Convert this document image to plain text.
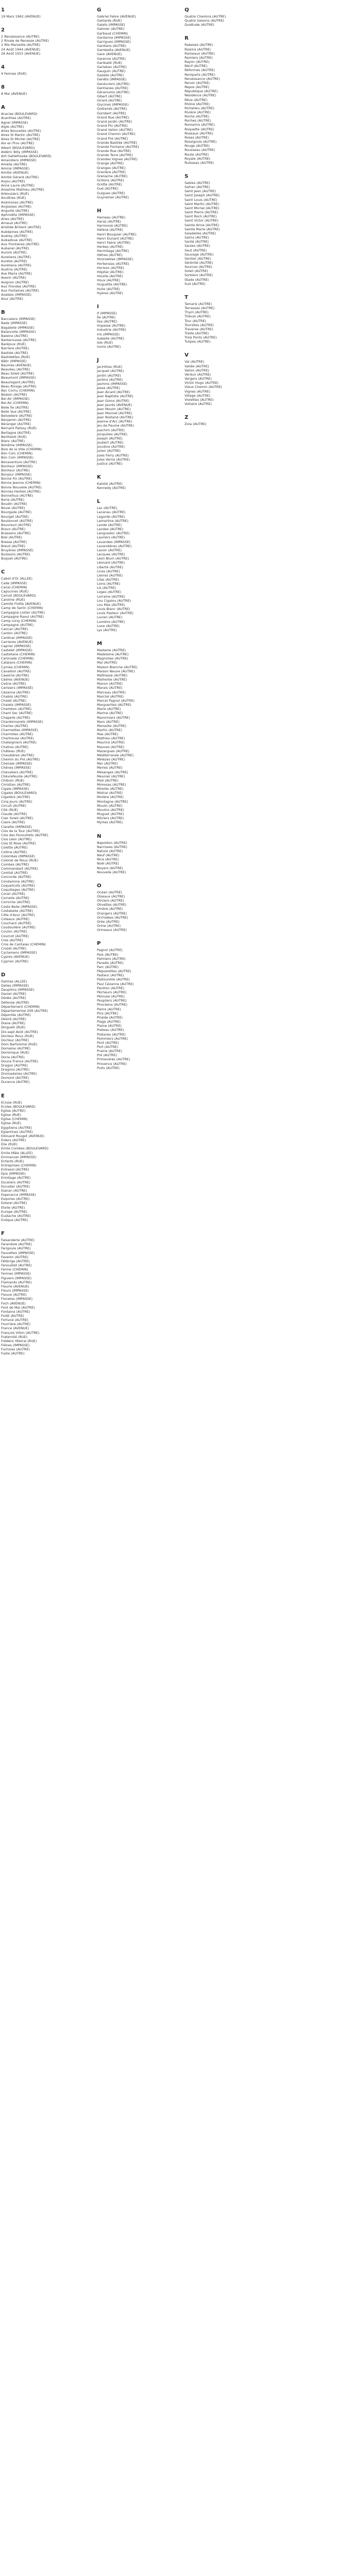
1
19 Mars 1962 (AVENUE)
2
2 Renaissance (AUTRE)
2 Rivale de Renesse (AUTRE)
2 Rte Marseille (AUTRE)
24 Août 1944 (AVENUE)
26 Août 1915 (AVENUE)
4
4 Fermes (RUE)
8
8 Mai (AVENUE)
A
Acacias (BOULEVARD)
Acanthes (AUTRE)
Agnel (IMPASSE)
Aigle (AUTRE)
Aires Nouvelles (AUTRE)
Aires St Martin (AUTRE)
Aires St Michel (AUTRE)
Aix en Prov (AUTRE)
Albert (BOULEVARD)
Aldéric Billy (IMPASSE)
Ant Gattefossée (BOULEVARD)
Amandiers (IMPASSE)
Amélie (AUTRE)
Amiral (IMPASSE)
Amitié (AVENUE)
Amitié Gérard (AUTRE)
Anjou (AUTRE)
Anne Laure (AUTRE)
Anselme Mathieu (AUTRE)
Arbousiers (RUE)
Ancêtres (RUE)
Anémones (AUTRE)
Anglaises (AUTRE)
Anguille (AUTRE)
Aphrodite (IMPASSE)
Arles (AUTRE)
Arnaud (AUTRE)
Aristide Brillant (AUTRE)
Aubépines (AUTRE)
Audrey (AUTRE)
Aubadoue (AUTRE)
Aux Frontieres (AUTRE)
Aubanel (AUTRE)
Aurore (AUTRE)
Aureliens (AUTRE)
Aurélie (AUTRE)
Aureliana (AUTRE)
Austria (AUTRE)
Ave Maria (AUTRE)
Avenir (AUTRE)
Avignon (AUTRE)
Aux Frondes (AUTRE)
Aux Fontaines (AUTRE)
Azalées (IMPASSE)
Azur (AUTRE)
B
Baccalans (IMPASSE)
Bade (IMPASSE)
Bagatelle (IMPASSE)
Balancelle (IMPASSE)
Baleine (AUTRE)
Barberousse (AUTRE)
Baréjoux (RUE)
Barriere (AUTRE)
Bastide (AUTRE)
Bastidettes (RUE)
Bâtir (IMPASSE)
Baumes (AVENUE)
Beaulieu (AUTRE)
Beau Soleil (AUTRE)
Beaumont (IMPASSE)
Beauregard (AUTRE)
Beau Rivage (AUTRE)
Bec Cornu (CHEMIN)
Bedoin (AUTRE)
Bel Air (IMPASSE)
Bel Air (CHEMIN)
Belle Île (AUTRE)
Belle Vue (AUTRE)
Belvedere (AUTRE)
Benjamin (AUTRE)
Béranger (AUTRE)
Bernard Palissy (RUE)
Bertagne (AUTRE)
Berthelot (RUE)
Blanc (AUTRE)
Bohême (IMPASSE)
Bois de la Ville (CHEMIN)
Bon Coin (CHEMIN)
Bon Coin (IMPASSE)
Bonaventure (AUTRE)
Bonheur (IMPASSE)
Bonheur (AUTRE)
Bonjour (IMPASSE)
Bonne Fin (AUTRE)
Bonne Jeanne (CHEMIN)
Bonne Nouvelle (AUTRE)
Bonnes Herbes (AUTRE)
Bonnefous (AUTRE)
Borie (AUTRE)
Boudin (AUTRE)
Boule (AUTRE)
Bourgade (AUTRE)
Bourget (AUTRE)
Boutonnet (AUTRE)
Bouvreuil (AUTRE)
Bravo (AUTRE)
Brassens (AUTRE)
Brel (AUTRE)
Bresse (AUTRE)
Breuil (AUTRE)
Bruyères (IMPASSE)
Buissons (AUTRE)
Buquet (AUTRE)
C
Cabot d'Or (ALLEE)
Cade (IMPASSE)
Canal (CHEMIN)
Capucines (RUE)
Carnot (BOULEVARD)
Caroline (RUE)
Camille Flotte (AVENUE)
Camp de Sarlin (CHEMIN)
Campagne Liotier (AUTRE)
Campagne Raoul (AUTRE)
Camp Long (CHEMIN)
Campagne (AUTRE)
Cancan (AUTRE)
Canton (AUTRE)
Cardinal (IMPASSE)
Carrieres (AVENUE)
Caprier (IMPASSE)
Castelet (IMPASSE)
Castellane (CHEMIN)
Caronade (CHEMIN)
Catalans (CHEMIN)
Cyrnéa (CHEMIN)
Cavaillon (AUTRE)
Caserne (AUTRE)
Cèdres (AVENUE)
Celine (AUTRE)
Cerisiers (IMPASSE)
Cézanne (AUTRE)
Chablis (AUTRE)
Chalet (AUTRE)
Chalets (IMPASSE)
Chambon (AUTRE)
Chant Sec (AUTRE)
Chapelle (AUTRE)
Chardonnerets (IMPASSE)
Charles (AUTRE)
Charmettes (IMPASSE)
Charmilles (AUTRE)
Chartreuse (AUTRE)
Chataigniers (AUTRE)
Chatres (AUTRE)
Château (RUE)
Chaudières (AUTRE)
Chemin du Pré (AUTRE)
Chenaie (IMPASSE)
Chênes (IMPASSE)
Chevaliers (AUTRE)
Chèvrefeuille (AUTRE)
Chibron (RUE)
Christian (AUTRE)
Cigale (IMPASSE)
Cigales (BOULEVARD)
Cigalière (AUTRE)
Cinq Jours (AUTRE)
Circuit (AUTRE)
Cité (RUE)
Claude (AUTRE)
Clair Soleil (AUTRE)
Claire (AUTRE)
Clarette (IMPASSE)
Clos de la Tour (AUTRE)
Clos des Fenouillets (AUTRE)
Clos Léon (AUTRE)
Clos St Rose (AUTRE)
Colette (AUTRE)
Colline (AUTRE)
Colombes (IMPASSE)
Colonel de Roux (RUE)
Combes (AUTRE)
Commandant (AUTRE)
Comtat (AUTRE)
Concorde (AUTRE)
Condamine (AUTRE)
Coquelicots (AUTRE)
Coquillages (AUTRE)
Corail (AUTRE)
Cornelle (AUTRE)
Corniche (AUTRE)
Coste Belle (IMPASSE)
Costebelle (AUTRE)
Côte d'Azur (AUTRE)
Coteaux (AUTRE)
Couchant (AUTRE)
Coudoulière (AUTRE)
Coulon (AUTRE)
Cournot (AUTRE)
Cres (AUTRE)
Cros de Cantalas (CHEMIN)
Crozet (AUTRE)
Cyclamens (IMPASSE)
Cypres (AVENUE)
Cyprien (AUTRE)
D
Dahlias (ALLEE)
Dalles (IMPASSE)
Dauphins (IMPASSE)
Daniel (AUTRE)
Dédés (AUTRE)
Défense (AUTRE)
Département (CHEMIN)
Départemental 206 (AUTRE)
Déportés (AUTRE)
Désiré (AUTRE)
Diane (AUTRE)
Dingueti (RUE)
Dix-sept Août (AUTRE)
Docteur Roux (RUE)
Docteur (AUTRE)
Dom Bartolomé (RUE)
Domaine (AUTRE)
Dominique (RUE)
Doria (AUTRE)
Douce France (AUTRE)
Dragon (AUTRE)
Dragons (AUTRE)
Dromadaires (AUTRE)
Dumont (AUTRE)
Durance (AUTRE)
E
Ecluse (RUE)
Ecoles (BOULEVARD)
Eglise (AUTRE)
Eglise (RUE)
Eglise (CHEMIN)
Eglise (RUE)
Egyptiens (AUTRE)
Eglantines (AUTRE)
Edouard Rouget (AVENUE)
Eiders (AUTRE)
Elie (RUE)
Emile Combes (BOULEVARD)
Emile Mâle (ALLEE)
Emmanuel (IMPASSE)
Enfants (RUE)
Entreprises (CHEMIN)
Entresol (AUTRE)
Epis (IMPASSE)
Ermitage (AUTRE)
Escaliers (AUTRE)
Escudier (AUTRE)
Eseran (AUTRE)
Esperance (IMPASSE)
Esquires (AUTRE)
Esterel (AUTRE)
Etoile (AUTRE)
Europe (AUTRE)
Eustache (AUTRE)
Evêque (AUTRE)
F
Faisanderie (AUTRE)
Farandole (AUTRE)
Farigoule (AUTRE)
Fauvettes (IMPASSE)
Favelon (AUTRE)
Félibrige (AUTRE)
Fenouillet (AUTRE)
Ferme (CHEMIN)
Fermes (IMPASSE)
Figuiers (IMPASSE)
Flamands (AUTRE)
Fleurie (AVENUE)
Fleurs (IMPASSE)
Fleuve (AUTRE)
Floralies (IMPASSE)
Foch (AVENUE)
Font de Mai (AUTRE)
Fontaine (AUTRE)
Forêt (AUTRE)
Fortuné (AUTRE)
Fourrière (AUTRE)
France (AVENUE)
François Villon (AUTRE)
Fraternité (RUE)
Frédéric Mistral (RUE)
Frênes (IMPASSE)
Fuchsias (AUTRE)
Fuste (AUTRE)
G
Gabriel Fabre (AVENUE)
Gaillards (RUE)
Galets (IMPASSE)
Galinier (AUTRE)
Garbaud (CHEMIN)
Gardanne (IMPASSE)
Garrigues (IMPASSE)
Gardians (AUTRE)
Gambetta (AVENUE)
Gare (AVENUE)
Garenne (AUTRE)
Garibaldi (RUE)
Garlaban (AUTRE)
Gauguin (AUTRE)
Gazelle (AUTRE)
Genêts (IMPASSE)
Genévriers (AUTRE)
Gentianes (AUTRE)
Géraniums (AUTRE)
Gibert (AUTRE)
Girard (AUTRE)
Glycines (IMPASSE)
Goélands (AUTRE)
Gombert (AUTRE)
Grand Rue (AUTRE)
Grand Jardin (AUTRE)
Grand Pin (AUTRE)
Grand Vallon (AUTRE)
Grand Chemin (AUTRE)
Grand Pré (AUTRE)
Grande Bastide (AUTRE)
Grande Fontaine (AUTRE)
Grande Rue (AUTRE)
Grande Terre (AUTRE)
Grandes Vignes (AUTRE)
Grange (AUTRE)
Granges (AUTRE)
Gravière (AUTRE)
Grenache (AUTRE)
Grillons (AUTRE)
Grotte (AUTRE)
Gué (AUTRE)
Guigues (AUTRE)
Guynemer (AUTRE)
H
Hameau (AUTRE)
Haras (AUTRE)
Harmonie (AUTRE)
Hélène (AUTRE)
Henri Bouquier (AUTRE)
Henri Dunant (AUTRE)
Henri Fabre (AUTRE)
Herbes (AUTRE)
Hermitage (AUTRE)
Hêtres (AUTRE)
Hirondelles (IMPASSE)
Hortensias (AUTRE)
Horizon (AUTRE)
Hôpital (AUTRE)
Houille (AUTRE)
Houx (AUTRE)
Huguette (AUTRE)
Huile (AUTRE)
Hyères (AUTRE)
I
If (IMPASSE)
Île (AUTRE)
Îles (AUTRE)
Impasse (AUTRE)
Industrie (AUTRE)
Iris (IMPASSE)
Isabelle (AUTRE)
Isle (RUE)
Ivoire (AUTRE)
J
Jacinthes (RUE)
Jacquet (AUTRE)
Jardin (AUTRE)
Jardins (AUTRE)
Jasmins (IMPASSE)
Jasse (AUTRE)
Jean Aicard (AUTRE)
Jean Baptiste (AUTRE)
Jean Giono (AUTRE)
Jean Jaurès (AVENUE)
Jean Moulin (AUTRE)
Jean Monnet (AUTRE)
Jean Rostand (AUTRE)
Jeanne d'Arc (AUTRE)
Jeu de Paume (AUTRE)
Joachim (AUTRE)
Jonquilles (AUTRE)
Joseph (AUTRE)
Joubert (AUTRE)
Jouvène (AUTRE)
Julien (AUTRE)
Jules Ferry (AUTRE)
Jules Verne (AUTRE)
Justice (AUTRE)
K
Kalisté (AUTRE)
Kennedy (AUTRE)
L
Lac (AUTRE)
Lacanau (AUTRE)
Lagarde (AUTRE)
Lamartine (AUTRE)
Lande (AUTRE)
Landes (AUTRE)
Languedoc (AUTRE)
Lauriers (AUTRE)
Lavandes (IMPASSE)
Lavandières (AUTRE)
Lavoir (AUTRE)
Lecques (AUTRE)
Léon Blum (AUTRE)
Léonard (AUTRE)
Liberté (AUTRE)
Lices (AUTRE)
Lierres (AUTRE)
Lilas (AUTRE)
Lions (AUTRE)
Lis (AUTRE)
Loges (AUTRE)
Lorraine (AUTRE)
Lou Cigalou (AUTRE)
Lou Mas (AUTRE)
Louis Blanc (AUTRE)
Louis Pasteur (AUTRE)
Lucien (AUTRE)
Lumière (AUTRE)
Lune (AUTRE)
Lys (AUTRE)
M
Madame (AUTRE)
Madeleine (AUTRE)
Magnolias (AUTRE)
Mai (AUTRE)
Maison Blanche (AUTRE)
Maison Neuve (AUTRE)
Maîtresse (AUTRE)
Malherbe (AUTRE)
Manon (AUTRE)
Marais (AUTRE)
Marceau (AUTRE)
Marché (AUTRE)
Marcel Pagnol (AUTRE)
Marguerites (AUTRE)
Marie (AUTRE)
Marine (AUTRE)
Maronniers (AUTRE)
Mars (AUTRE)
Marseille (AUTRE)
Martin (AUTRE)
Mas (AUTRE)
Mathieu (AUTRE)
Maurice (AUTRE)
Mauves (AUTRE)
Mazargues (AUTRE)
Méditerranée (AUTRE)
Mélèzes (AUTRE)
Mer (AUTRE)
Merles (AUTRE)
Mésanges (AUTRE)
Meunier (AUTRE)
Midi (AUTRE)
Mimosas (AUTRE)
Mireille (AUTRE)
Mistral (AUTRE)
Molière (AUTRE)
Montagne (AUTRE)
Moulin (AUTRE)
Moulins (AUTRE)
Muguet (AUTRE)
Mûriers (AUTRE)
Myrtes (AUTRE)
N
Napoléon (AUTRE)
Narcisses (AUTRE)
Nature (AUTRE)
Neuf (AUTRE)
Nice (AUTRE)
Noël (AUTRE)
Noyers (AUTRE)
Nouvelle (AUTRE)
O
Océan (AUTRE)
Oiseaux (AUTRE)
Oliviers (AUTRE)
Olivettes (AUTRE)
Ombre (AUTRE)
Orangers (AUTRE)
Orchidées (AUTRE)
Orée (AUTRE)
Orme (AUTRE)
Ormeaux (AUTRE)
P
Pagnol (AUTRE)
Paix (AUTRE)
Palmiers (AUTRE)
Paradis (AUTRE)
Parc (AUTRE)
Pâquerettes (AUTRE)
Pasteur (AUTRE)
Pastourelle (AUTRE)
Paul Cézanne (AUTRE)
Pavillon (AUTRE)
Pêcheurs (AUTRE)
Pérouse (AUTRE)
Peupliers (AUTRE)
Phocéens (AUTRE)
Pierre (AUTRE)
Pins (AUTRE)
Pinède (AUTRE)
Plage (AUTRE)
Plaine (AUTRE)
Plateau (AUTRE)
Platanes (AUTRE)
Pommiers (AUTRE)
Pont (AUTRE)
Port (AUTRE)
Prairie (AUTRE)
Pré (AUTRE)
Primevères (AUTRE)
Provence (AUTRE)
Puits (AUTRE)
Q
Quatre Chemins (AUTRE)
Quatre Saisons (AUTRE)
Quiétude (AUTRE)
R
Rabelais (AUTRE)
Raisins (AUTRE)
Rameaux (AUTRE)
Ramiers (AUTRE)
Rayon (AUTRE)
Récif (AUTRE)
Réformes (AUTRE)
Remparts (AUTRE)
Renaissance (AUTRE)
Renoir (AUTRE)
Repos (AUTRE)
République (AUTRE)
Résidence (AUTRE)
Rêve (AUTRE)
Rhône (AUTRE)
Richelieu (AUTRE)
Rivière (AUTRE)
Roche (AUTRE)
Roches (AUTRE)
Romarins (AUTRE)
Roquette (AUTRE)
Roseaux (AUTRE)
Roses (AUTRE)
Rossignols (AUTRE)
Rouge (AUTRE)
Rousseau (AUTRE)
Route (AUTRE)
Royale (AUTRE)
Ruisseau (AUTRE)
S
Sables (AUTRE)
Safran (AUTRE)
Saint Jean (AUTRE)
Saint Joseph (AUTRE)
Saint Louis (AUTRE)
Saint Martin (AUTRE)
Saint Michel (AUTRE)
Saint Pierre (AUTRE)
Saint Roch (AUTRE)
Saint Victor (AUTRE)
Sainte Anne (AUTRE)
Sainte Marie (AUTRE)
Saladelles (AUTRE)
Salins (AUTRE)
Santé (AUTRE)
Saules (AUTRE)
Saut (AUTRE)
Sauvage (AUTRE)
Sentier (AUTRE)
Sérénité (AUTRE)
Sources (AUTRE)
Soleil (AUTRE)
Sorbiers (AUTRE)
Stade (AUTRE)
Sud (AUTRE)
T
Tamaris (AUTRE)
Terrasses (AUTRE)
Thym (AUTRE)
Tilleuls (AUTRE)
Tour (AUTRE)
Touristes (AUTRE)
Traverse (AUTRE)
Treille (AUTRE)
Trois Ponts (AUTRE)
Tulipes (AUTRE)
V
Val (AUTRE)
Vallée (AUTRE)
Vallon (AUTRE)
Verdun (AUTRE)
Vergers (AUTRE)
Victor Hugo (AUTRE)
Vieux Chemin (AUTRE)
Vignes (AUTRE)
Village (AUTRE)
Violettes (AUTRE)
Voltaire (AUTRE)
Z
Zola (AUTRE)
